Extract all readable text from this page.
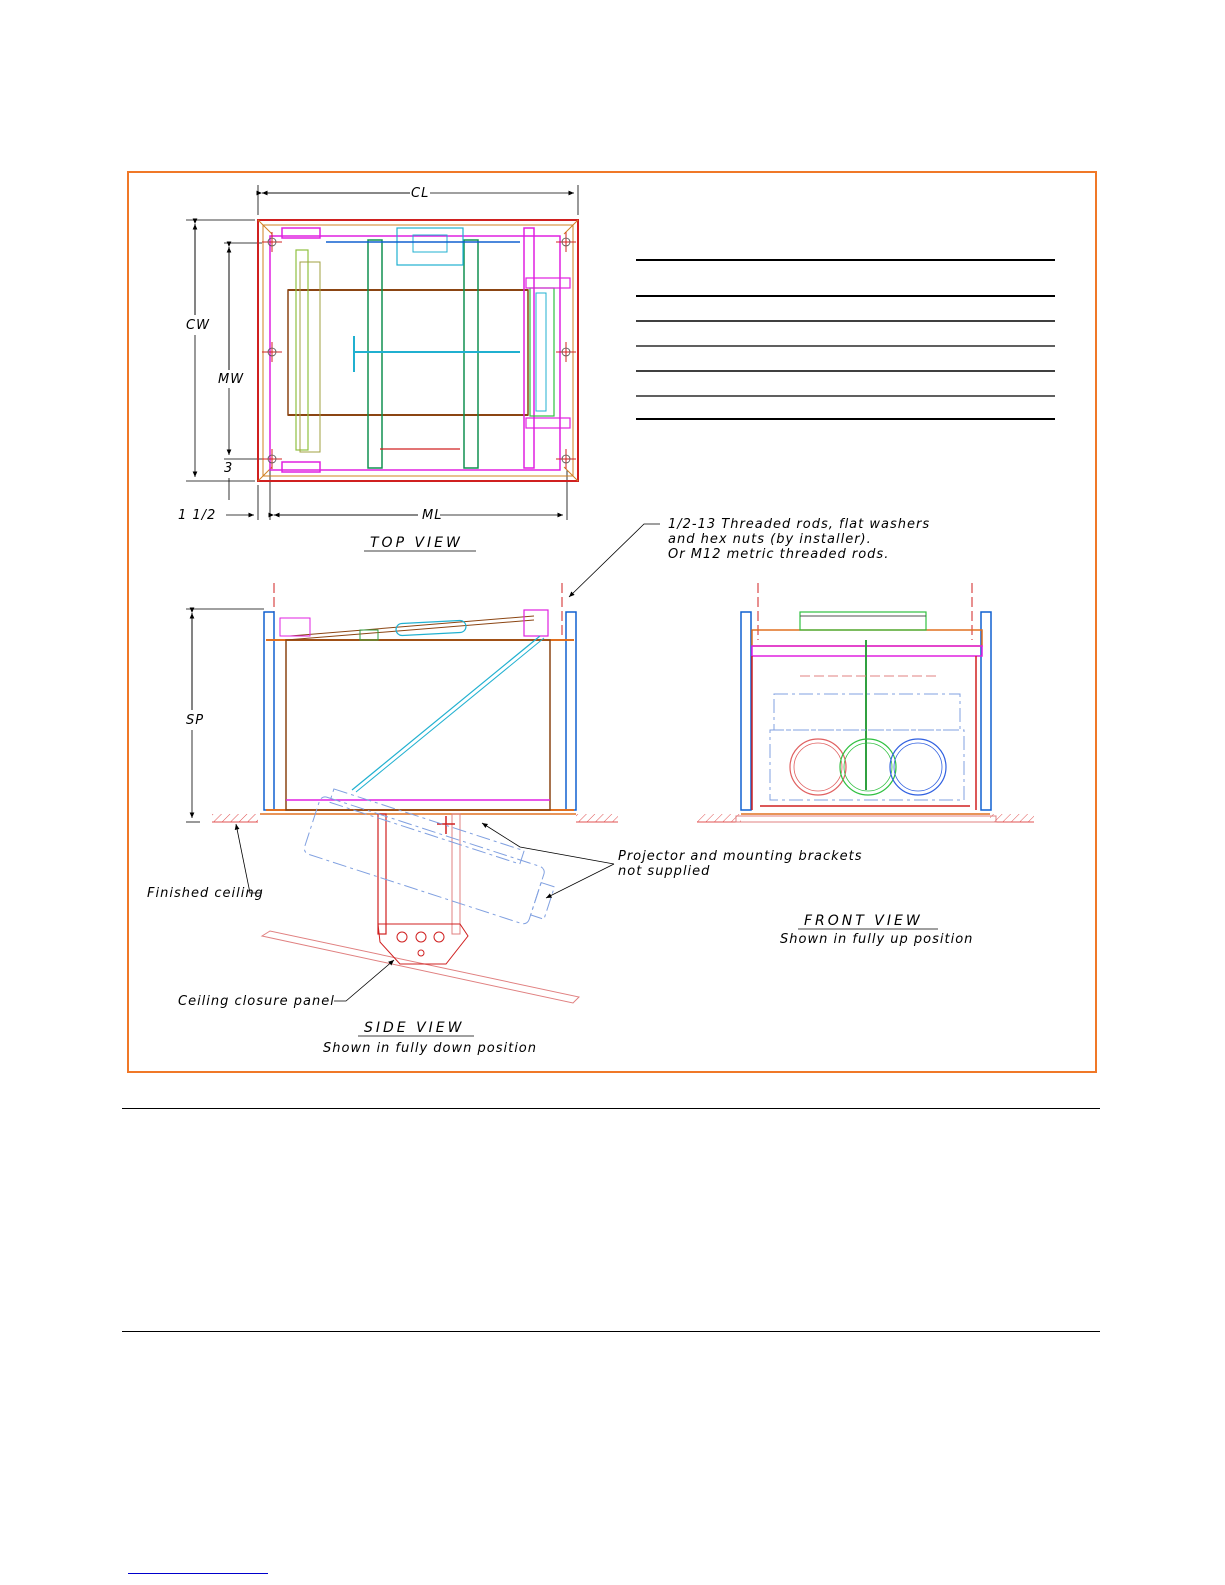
CL
CW
MW
3
1 1/2	ML
TOP VIEW
1/2-13 Threaded rods, flat washers
and hex nuts (by installer).
Or M12 metric threaded rods.
SP
Finished ceiling
Ceiling closure panel
Projector and mounting brackets
not supplied
SIDE VIEW
Shown in fully down position
FRONT VIEW
Shown in fully up position
